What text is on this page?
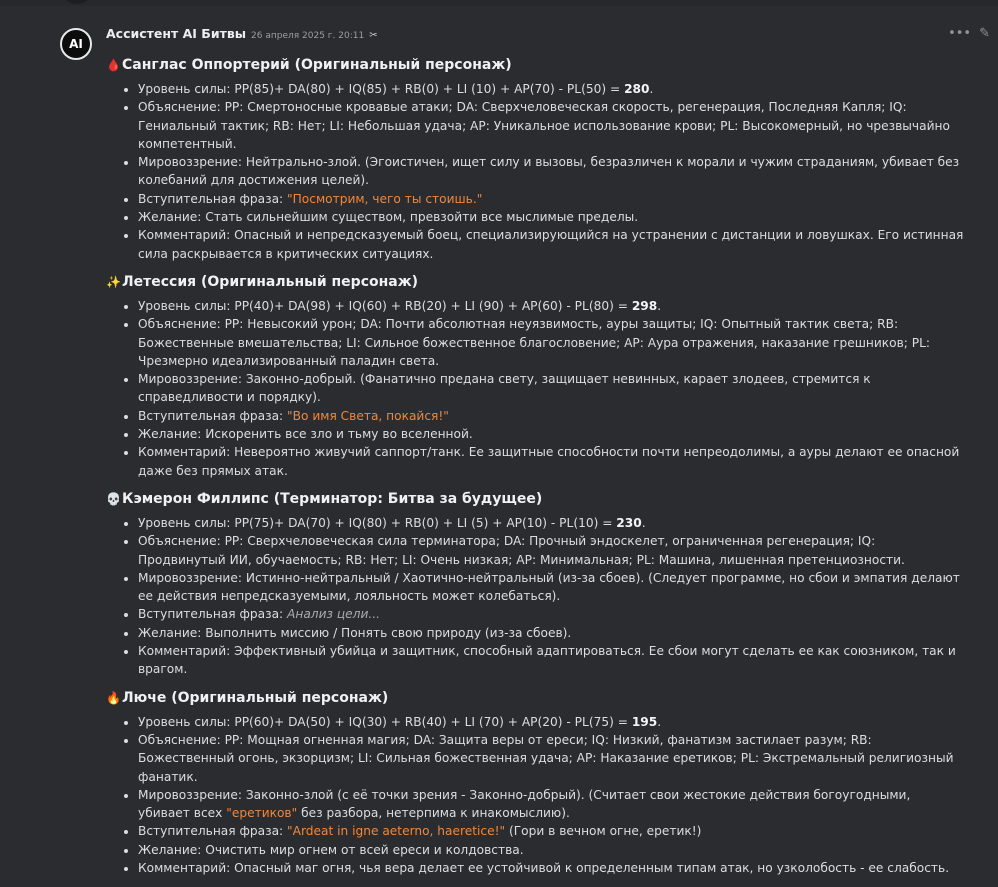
AI
Ассистент AI Битвы 26 апреля 2025 г. 20:11 ✂	••• ✎
🩸 Санглас Оппортерий (Оригинальный персонаж)
• Уровень силы: PP(85)+ DA(80) + IQ(85) + RB(0) + LI (10) + AP(70) - PL(50) = 280.
• Объяснение: PP: Смертоносные кровавые атаки; DA: Сверхчеловеческая скорость, регенерация, Последняя Капля; IQ: Гениальный тактик; RB: Нет; LI: Небольшая удача; AP: Уникальное использование крови; PL: Высокомерный, но чрезвычайно компетентный.
• Мировоззрение: Нейтрально-злой. (Эгоистичен, ищет силу и вызовы, безразличен к морали и чужим страданиям, убивает без колебаний для достижения целей).
• Вступительная фраза: "Посмотрим, чего ты стоишь."
• Желание: Стать сильнейшим существом, превзойти все мыслимые пределы.
• Комментарий: Опасный и непредсказуемый боец, специализирующийся на устранении с дистанции и ловушках. Его истинная сила раскрывается в критических ситуациях.
✨ Летессия (Оригинальный персонаж)
• Уровень силы: PP(40)+ DA(98) + IQ(60) + RB(20) + LI (90) + AP(60) - PL(80) = 298.
• Объяснение: PP: Невысокий урон; DA: Почти абсолютная неуязвимость, ауры защиты; IQ: Опытный тактик света; RB: Божественные вмешательства; LI: Сильное божественное благословение; AP: Аура отражения, наказание грешников; PL: Чрезмерно идеализированный паладин света.
• Мировоззрение: Законно-добрый. (Фанатично предана свету, защищает невинных, карает злодеев, стремится к справедливости и порядку).
• Вступительная фраза: "Во имя Света, покайся!"
• Желание: Искоренить все зло и тьму во вселенной.
• Комментарий: Невероятно живучий саппорт/танк. Ее защитные способности почти непреодолимы, а ауры делают ее опасной даже без прямых атак.
💀 Кэмерон Филлипс (Терминатор: Битва за будущее)
• Уровень силы: PP(75)+ DA(70) + IQ(80) + RB(0) + LI (5) + AP(10) - PL(10) = 230.
• Объяснение: PP: Сверхчеловеческая сила терминатора; DA: Прочный эндоскелет, ограниченная регенерация; IQ: Продвинутый ИИ, обучаемость; RB: Нет; LI: Очень низкая; AP: Минимальная; PL: Машина, лишенная претенциозности.
• Мировоззрение: Истинно-нейтральный / Хаотично-нейтральный (из-за сбоев). (Следует программе, но сбои и эмпатия делают ее действия непредсказуемыми, лояльность может колебаться).
• Вступительная фраза: Анализ цели...
• Желание: Выполнить миссию / Понять свою природу (из-за сбоев).
• Комментарий: Эффективный убийца и защитник, способный адаптироваться. Ее сбои могут сделать ее как союзником, так и врагом.
🔥 Люче (Оригинальный персонаж)
• Уровень силы: PP(60)+ DA(50) + IQ(30) + RB(40) + LI (70) + AP(20) - PL(75) = 195.
• Объяснение: PP: Мощная огненная магия; DA: Защита веры от ереси; IQ: Низкий, фанатизм застилает разум; RB: Божественный огонь, экзорцизм; LI: Сильная божественная удача; AP: Наказание еретиков; PL: Экстремальный религиозный фанатик.
• Мировоззрение: Законно-злой (с её точки зрения - Законно-добрый). (Считает свои жестокие действия богоугодными, убивает всех "еретиков" без разбора, нетерпима к инакомыслию).
• Вступительная фраза: "Ardeat in igne aeterno, haeretice!" (Гори в вечном огне, еретик!)
• Желание: Очистить мир огнем от всей ереси и колдовства.
• Комментарий: Опасный маг огня, чья вера делает ее устойчивой к определенным типам атак, но узколобость - ее слабость.
